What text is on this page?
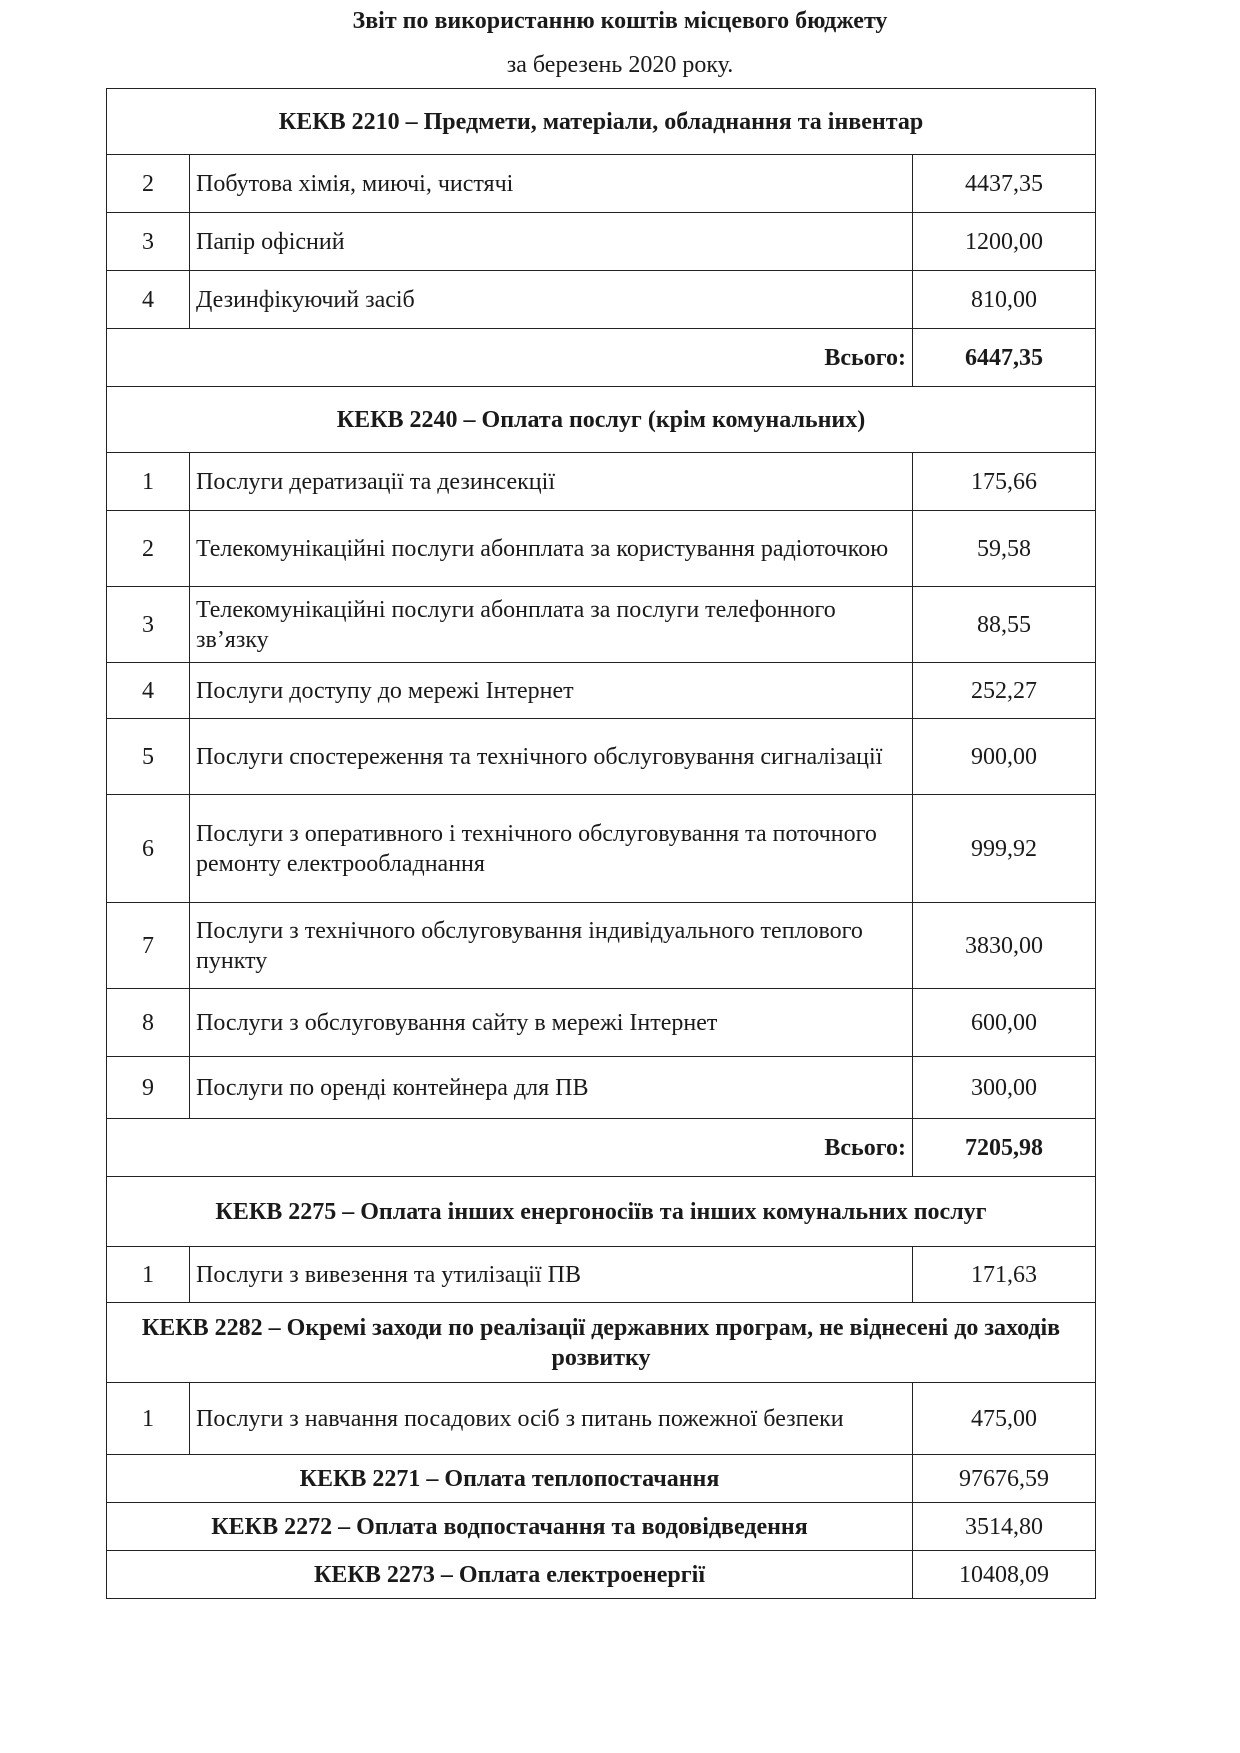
Звіт по використанню коштів місцевого бюджету
за березень 2020 року.
КЕКВ 2210 – Предмети, матеріали, обладнання та інвентар		
2	Побутова хімія, миючі, чистячі	4437,35
3	Папір офісний	1200,00
4	Дезинфікуючий засіб	810,00
Всього:		6447,35
КЕКВ 2240 – Оплата послуг (крім комунальних)		
1	Послуги дератизації та дезинсекції	175,66
2	Телекомунікаційні послуги абонплата за користування радіоточкою	59,58
3	Телекомунікаційні послуги абонплата за послуги телефонного зв’язку	88,55
4	Послуги доступу до мережі Інтернет	252,27
5	Послуги спостереження та технічного обслуговування сигналізації	900,00
6	Послуги з оперативного і технічного обслуговування та поточного ремонту електрообладнання	999,92
7	Послуги з технічного обслуговування індивідуального теплового пункту	3830,00
8	Послуги з обслуговування сайту в мережі Інтернет	600,00
9	Послуги по оренді контейнера для ПВ	300,00
Всього:		7205,98
КЕКВ 2275 – Оплата інших енергоносіїв та інших комунальних послуг		
1	Послуги з вивезення та утилізації ПВ	171,63
КЕКВ 2282 – Окремі заходи по реалізації державних програм, не віднесені до заходів розвитку		
1	Послуги з навчання посадових осіб з питань пожежної безпеки	475,00
КЕКВ 2271 – Оплата теплопостачання		97676,59
КЕКВ 2272 – Оплата водпостачання та водовідведення		3514,80
КЕКВ 2273 – Оплата електроенергії		10408,09
